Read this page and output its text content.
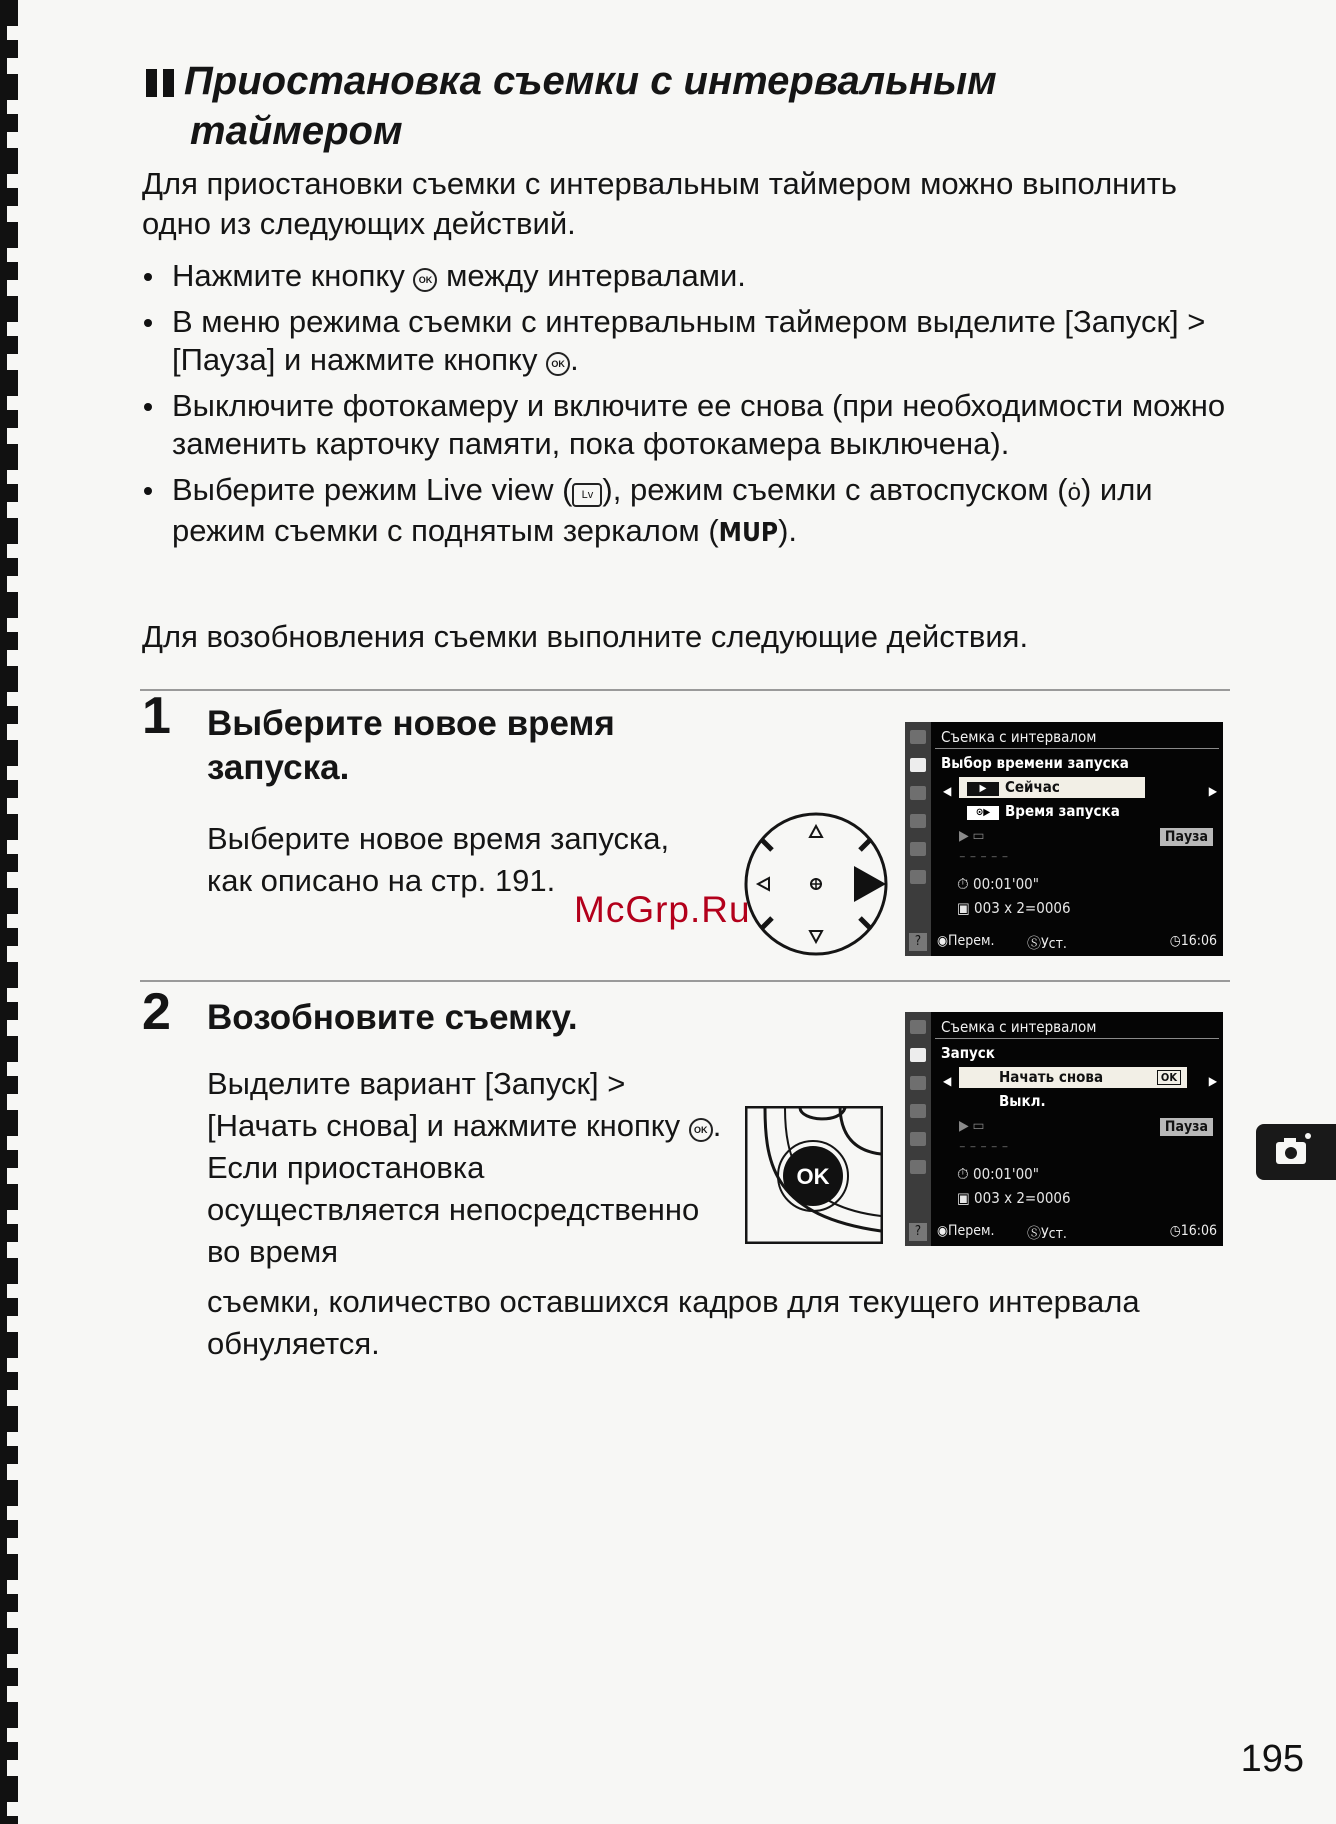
Приостановка съемки с интервальным
таймером

Для приостановки съемки с интервальным таймером можно выполнить одно из следующих действий.

Нажмите кнопку OK между интервалами.
В меню режима съемки с интервальным таймером выделите [Запуск] > [Пауза] и нажмите кнопку OK .
Выключите фотокамеру и включите ее снова (при необходимости можно заменить карточку памяти, пока фотокамера выключена).
Выберите режим Live view ( Lv ), режим съемки с автоспуском (ȯ) или режим съемки с поднятым зеркалом (MUP).

Для возобновления съемки выполните следующие действия.

1 Выберите новое время
запуска.

Выберите новое время запуска, как описано на стр. 191.

Съемка с интервалом
Выбор времени запуска
◀	▶
▶ Сейчас
⊙▶ Время запуска
▶ ▭	Пауза
⁻ ⁻ ⁻ ⁻ ⁻
⏱ 00:01'00"
▣ 003 x 2=0006
?	◉Перем. ⓈУст.	◷16:06
2 Возобновите съемку.

Выделите вариант [Запуск] >[Начать снова] и нажмите кнопку OK . Если приостановка осуществляется непосредственно во время

съемки, количество оставшихся кадров для текущего интервала обнуляется.

OK
Съемка с интервалом
Запуск
◀	▶
Начать снова	OK
Выкл.
▶ ▭	Пауза
⁻ ⁻ ⁻ ⁻ ⁻
⏱ 00:01'00"
▣ 003 x 2=0006
?	◉Перем. ⓈУст.	◷16:06
McGrp.Ru
195
